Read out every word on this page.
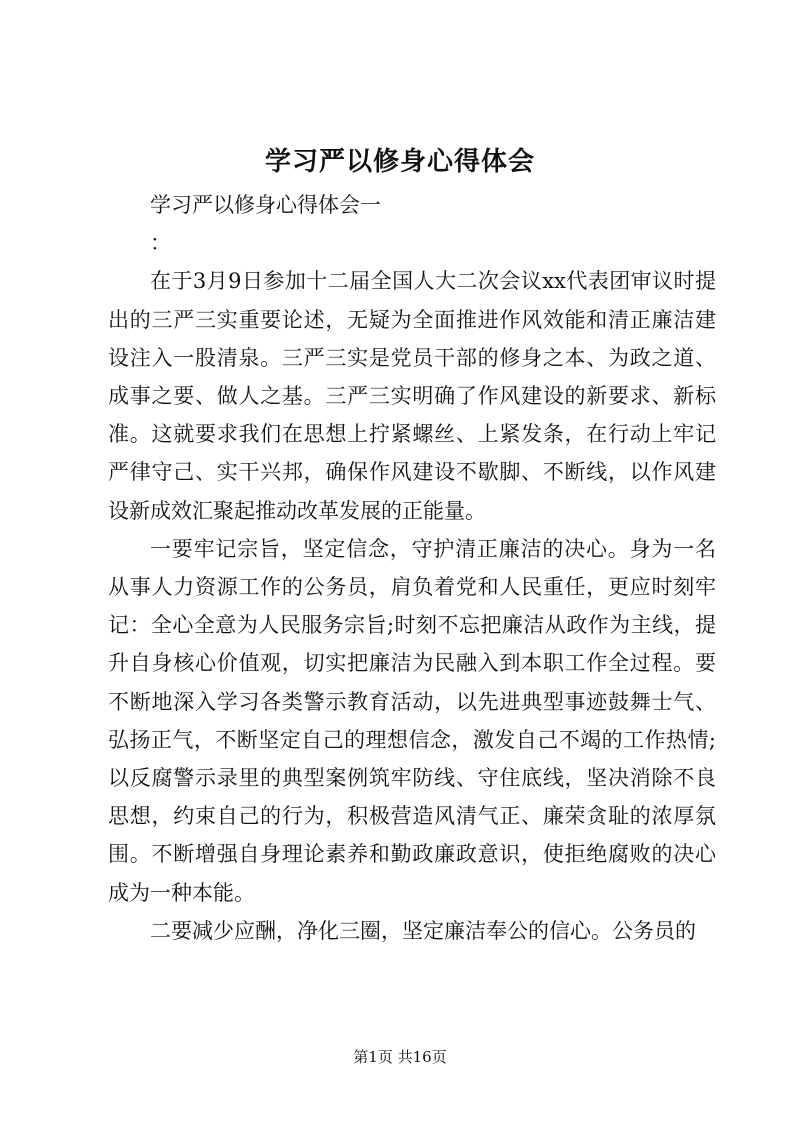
学习严以修身心得体会

学习严以修身心得体会一

：

在于3月9日参加十二届全国人大二次会议xx代表团审议时提出的三严三实重要论述，无疑为全面推进作风效能和清正廉洁建设注入一股清泉。三严三实是党员干部的修身之本、为政之道、成事之要、做人之基。三严三实明确了作风建设的新要求、新标准。这就要求我们在思想上拧紧螺丝、上紧发条，在行动上牢记严律守己、实干兴邦，确保作风建设不歇脚、不断线，以作风建设新成效汇聚起推动改革发展的正能量。

一要牢记宗旨，坚定信念，守护清正廉洁的决心。身为一名从事人力资源工作的公务员，肩负着党和人民重任，更应时刻牢记：全心全意为人民服务宗旨;时刻不忘把廉洁从政作为主线，提升自身核心价值观，切实把廉洁为民融入到本职工作全过程。要不断地深入学习各类警示教育活动，以先进典型事迹鼓舞士气、弘扬正气，不断坚定自己的理想信念，激发自己不竭的工作热情;以反腐警示录里的典型案例筑牢防线、守住底线，坚决消除不良思想，约束自己的行为，积极营造风清气正、廉荣贪耻的浓厚氛围。不断增强自身理论素养和勤政廉政意识，使拒绝腐败的决心成为一种本能。

二要减少应酬，净化三圈，坚定廉洁奉公的信心。公务员的

第1页 共16页
